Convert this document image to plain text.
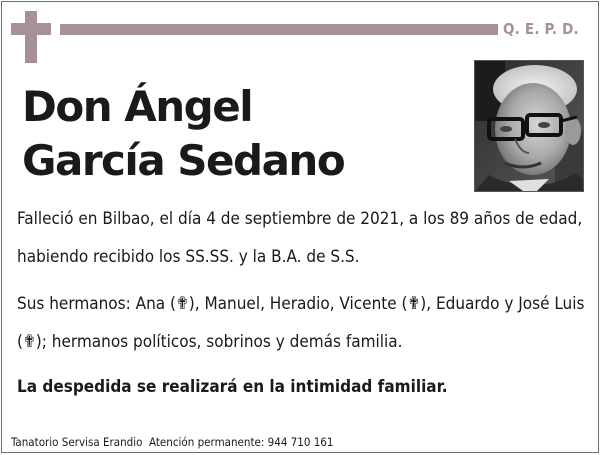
Q. E. P. D.
Don Ángel
García Sedano
Falleció en Bilbao, el día 4 de septiembre de 2021, a los 89 años de edad, habiendo recibido los SS.SS. y la B.A. de S.S.
Sus hermanos: Ana (✟), Manuel, Heradio, Vicente (✟), Eduardo y José Luis (✟); hermanos políticos, sobrinos y demás familia.
La despedida se realizará en la intimidad familiar.
Tanatorio Servisa Erandio  Atención permanente: 944 710 161
